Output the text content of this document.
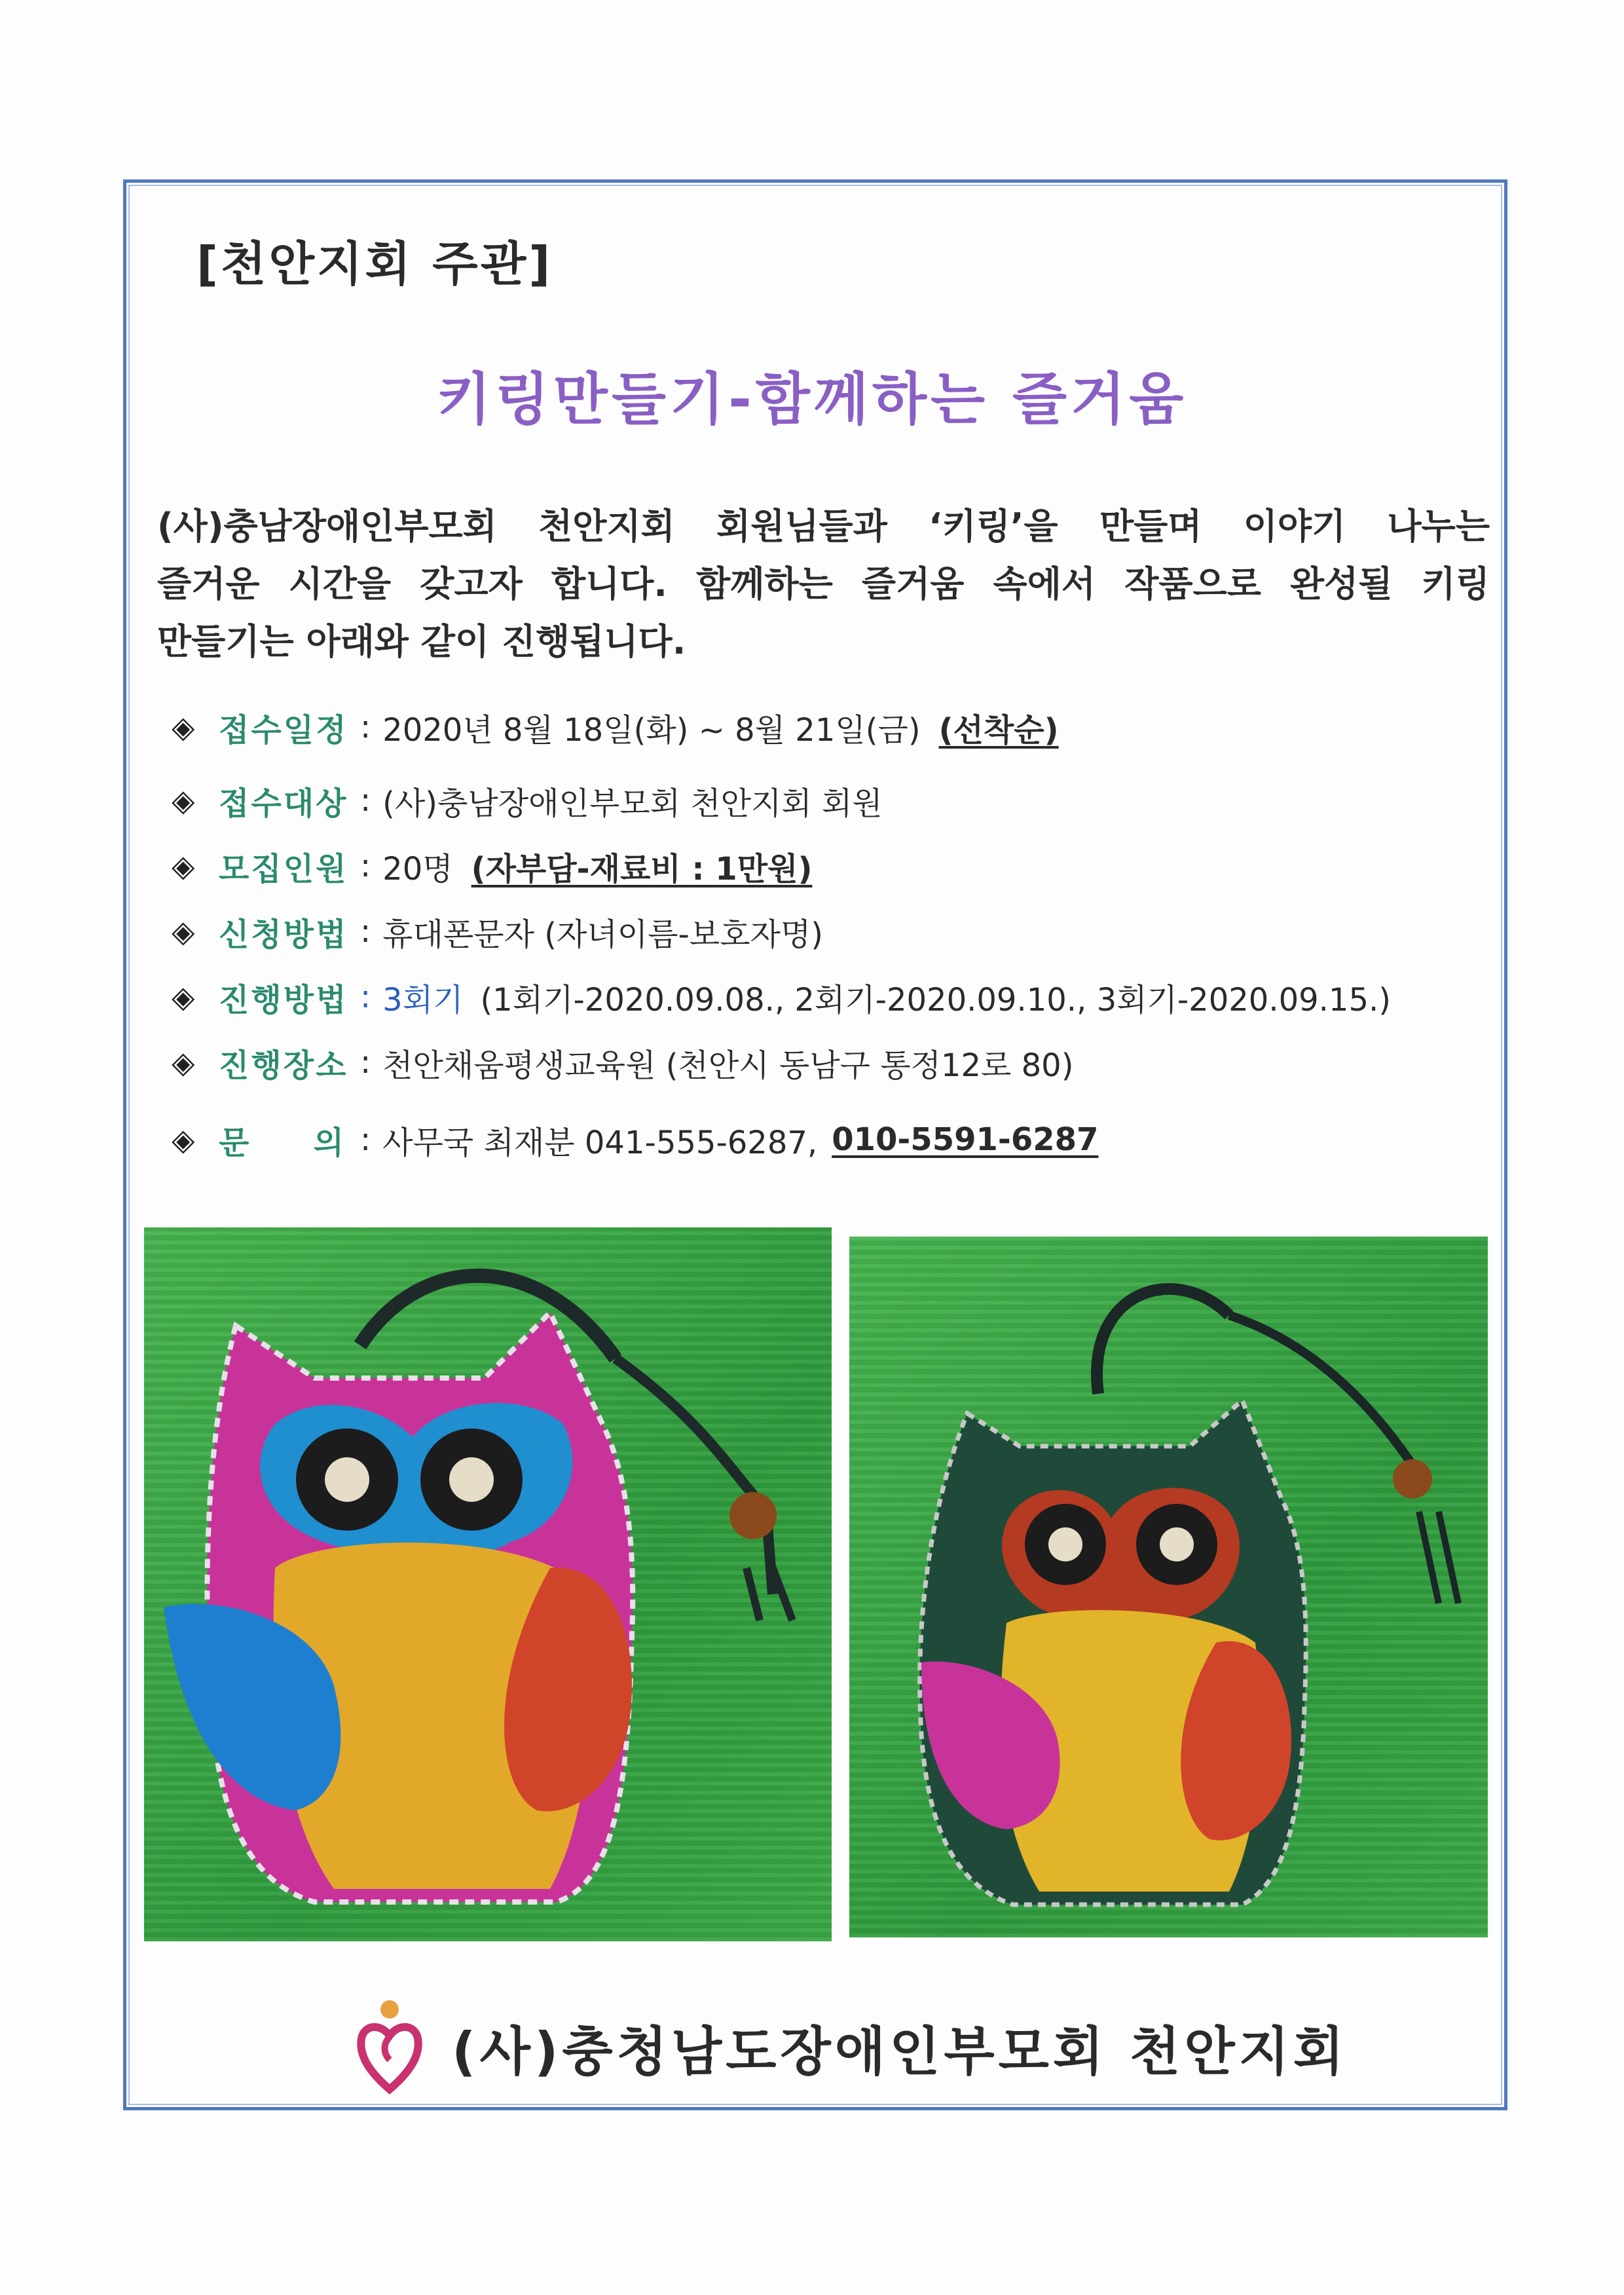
[천안지회 주관]
키링만들기-함께하는 즐거움
(사)충남장애인부모회 천안지회 회원님들과 ‘키링’을 만들며 이야기 나누는
즐거운 시간을 갖고자 합니다. 함께하는 즐거움 속에서 작품으로 완성될 키링
만들기는 아래와 같이 진행됩니다.
◈ 접수일정 : 2020년 8월 18일(화) ~ 8월 21일(금) (선착순)
◈ 접수대상 : (사)충남장애인부모회 천안지회 회원
◈ 모집인원 : 20명 (자부담-재료비 : 1만원)
◈ 신청방법 : 휴대폰문자 (자녀이름-보호자명)
◈ 진행방법 : 3회기 (1회기-2020.09.08., 2회기-2020.09.10., 3회기-2020.09.15.)
◈ 진행장소 : 천안채움평생교육원 (천안시 동남구 통정12로 80)
◈ 문 의 : 사무국 최재분 041-555-6287, 010-5591-6287
(사)충청남도장애인부모회 천안지회
